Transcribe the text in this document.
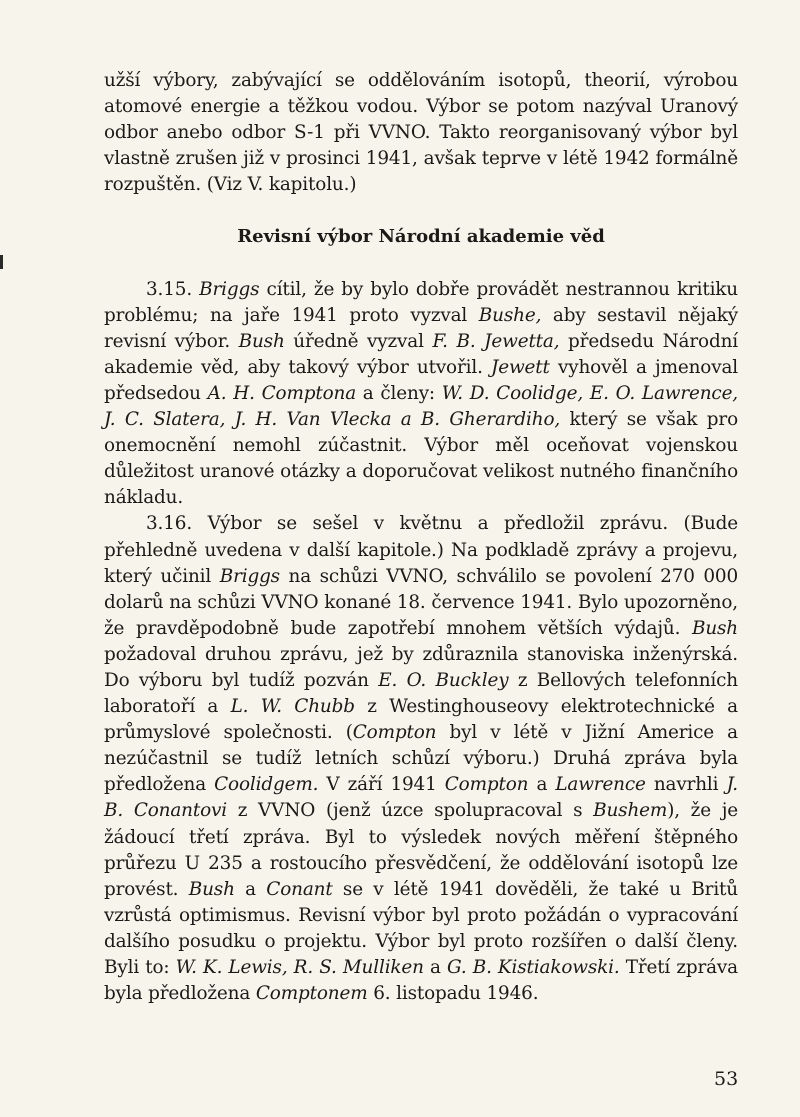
užší výbory, zabývající se oddělováním isotopů, theorií, výrobou atomové energie a těžkou vodou. Výbor se potom nazýval Uranový odbor anebo odbor S-1 při VVNO. Takto reorganisovaný výbor byl vlastně zrušen již v prosinci 1941, avšak teprve v létě 1942 formálně rozpuštěn. (Viz V. kapitolu.)

Revisní výbor Národní akademie věd

3.15. Briggs cítil, že by bylo dobře provádět nestrannou kritiku problému; na jaře 1941 proto vyzval Bushe, aby sestavil nějaký revisní výbor. Bush úředně vyzval F. B. Jewetta, předsedu Národní akademie věd, aby takový výbor utvořil. Jewett vyhověl a jmenoval předsedou A. H. Comptona a členy: W. D. Coolidge, E. O. Lawrence, J. C. Slatera, J. H. Van Vlecka a B. Gherardiho, který se však pro onemocnění nemohl zúčastnit. Výbor měl oceňovat vojenskou důležitost uranové otázky a doporučovat velikost nutného finančního nákladu.

3.16. Výbor se sešel v květnu a předložil zprávu. (Bude přehledně uvedena v další kapitole.) Na podkladě zprávy a projevu, který učinil Briggs na schůzi VVNO, schválilo se povolení 270 000 dolarů na schůzi VVNO konané 18. července 1941. Bylo upozorněno, že pravděpodobně bude zapotřebí mnohem větších výdajů. Bush požadoval druhou zprávu, jež by zdůraznila stanoviska inženýrská. Do výboru byl tudíž pozván E. O. Buckley z Bellových telefonních laboratoří a L. W. Chubb z Westinghouseovy elektrotechnické a průmyslové společnosti. (Compton byl v létě v Jižní Americe a nezúčastnil se tudíž letních schůzí výboru.) Druhá zpráva byla předložena Coolidgem. V září 1941 Compton a Lawrence navrhli J. B. Conantovi z VVNO (jenž úzce spolupracoval s Bushem), že je žádoucí třetí zpráva. Byl to výsledek nových měření štěpného průřezu U 235 a rostoucího přesvědčení, že oddělování isotopů lze provést. Bush a Conant se v létě 1941 dověděli, že také u Britů vzrůstá optimismus. Revisní výbor byl proto požádán o vypracování dalšího posudku o projektu. Výbor byl proto rozšířen o další členy. Byli to: W. K. Lewis, R. S. Mulliken a G. B. Kistiakowski. Třetí zpráva byla předložena Comptonem 6. listopadu 1946.

53
